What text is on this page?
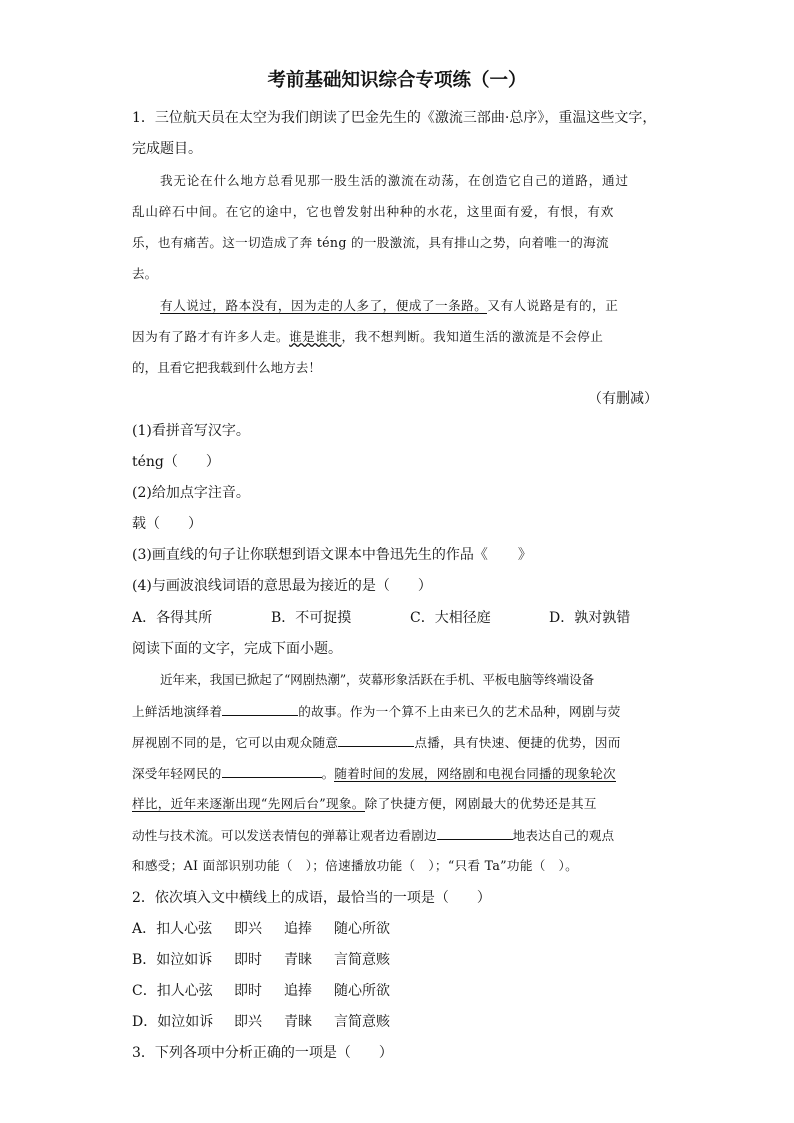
考前基础知识综合专项练（一）
1．三位航天员在太空为我们朗读了巴金先生的《激流三部曲·总序》，重温这些文字，
完成题目。
我无论在什么地方总看见那一股生活的激流在动荡，在创造它自己的道路，通过
乱山碎石中间。在它的途中，它也曾发射出种种的水花，这里面有爱，有恨，有欢
乐，也有痛苦。这一切造成了奔 téng 的一股激流，具有排山之势，向着唯一的海流
去。
有人说过，路本没有，因为走的人多了，便成了一条路。又有人说路是有的，正
因为有了路才有许多人走。谁是谁非，我不想判断。我知道生活的激流是不会停止
的，且看它把我载到什么地方去！
（有删减）
(1)看拼音写汉字。
téng（　　）
(2)给加点字注音。
载（　　）
(3)画直线的句子让你联想到语文课本中鲁迅先生的作品《 》
(4)与画波浪线词语的意思最为接近的是（　　）
A．各得其所	B．不可捉摸	C．大相径庭	D．孰对孰错
阅读下面的文字，完成下面小题。
近年来，我国已掀起了“网剧热潮”，荧幕形象活跃在手机、平板电脑等终端设备
上鲜活地演绎着	的故事。作为一个算不上由来已久的艺术品种，网剧与荧
屏视剧不同的是，它可以由观众随意	点播，具有快速、便捷的优势，因而
深受年轻网民的	。随着时间的发展，网络剧和电视台同播的现象轮次
样比，近年来逐渐出现“先网后台”现象。除了快捷方便，网剧最大的优势还是其互
动性与技术流。可以发送表情包的弹幕让观者边看剧边	地表达自己的观点
和感受；AI 面部识别功能（　）；倍速播放功能（　）；“只看 Ta”功能（　）。
2．依次填入文中横线上的成语，最恰当的一项是（　　）
A．扣人心弦 即兴 追捧 随心所欲
B．如泣如诉 即时 青睐 言简意赅
C．扣人心弦 即时 追捧 随心所欲
D．如泣如诉 即兴 青睐 言简意赅
3．下列各项中分析正确的一项是（　　）
